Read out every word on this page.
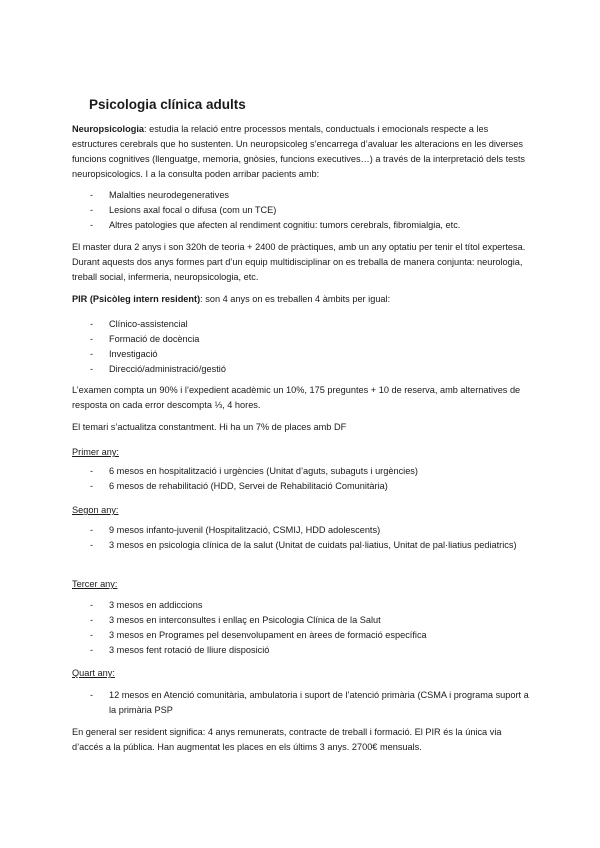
Psicologia clínica adults

Neuropsicologia: estudia la relació entre processos mentals, conductuals i emocionals respecte a les estructures cerebrals que ho sustenten. Un neuropsicoleg s’encarrega d’avaluar les alteracions en les diverses funcions cognitives (llenguatge, memoria, gnòsies, funcions executives…) a través de la interpretació dels tests neuropsicologics. I a la consulta poden arribar pacients amb:

- Malalties neurodegeneratives
- Lesions axal focal o difusa (com un TCE)
- Altres patologies que afecten al rendiment cognitiu: tumors cerebrals, fibromialgia, etc.

El master dura 2 anys i son 320h de teoria + 2400 de pràctiques, amb un any optatiu per tenir el títol expertesa. Durant aquests dos anys formes part d’un equip multidisciplinar on es treballa de manera conjunta: neurologia, treball social, infermeria, neuropsicologia, etc.

PIR (Psicòleg intern resident): son 4 anys on es treballen 4 àmbits per igual:

- Clínico-assistencial
- Formació de docència
- Investigació
- Direcció/administració/gestió

L’examen compta un 90% i l’expedient acadèmic un 10%, 175 preguntes + 10 de reserva, amb alternatives de resposta on cada error descompta ⅓, 4 hores.

El temari s’actualitza constantment. Hi ha un 7% de places amb DF

Primer any:

- 6 mesos en hospitalització i urgències (Unitat d’aguts, subaguts i urgències)
- 6 mesos de rehabilitació (HDD, Servei de Rehabilitació Comunitària)

Segon any:

- 9 mesos infanto-juvenil (Hospitalització, CSMIJ, HDD adolescents)
- 3 mesos en psicologia clínica de la salut (Unitat de cuidats pal·liatius, Unitat de pal·liatius pediatrics)

Tercer any:

- 3 mesos en addiccions
- 3 mesos en interconsultes i enllaç en Psicologia Clínica de la Salut
- 3 mesos en Programes pel desenvolupament en àrees de formació específica
- 3 mesos fent rotació de lliure disposició

Quart any:

- 12 mesos en Atenció comunitària, ambulatoria i suport de l’atenció primària (CSMA i programa suport a la primària PSP

En general ser resident significa: 4 anys remunerats, contracte de treball i formació. El PIR és la única via d’accés a la pública. Han augmentat les places en els últims 3 anys. 2700€ mensuals.
